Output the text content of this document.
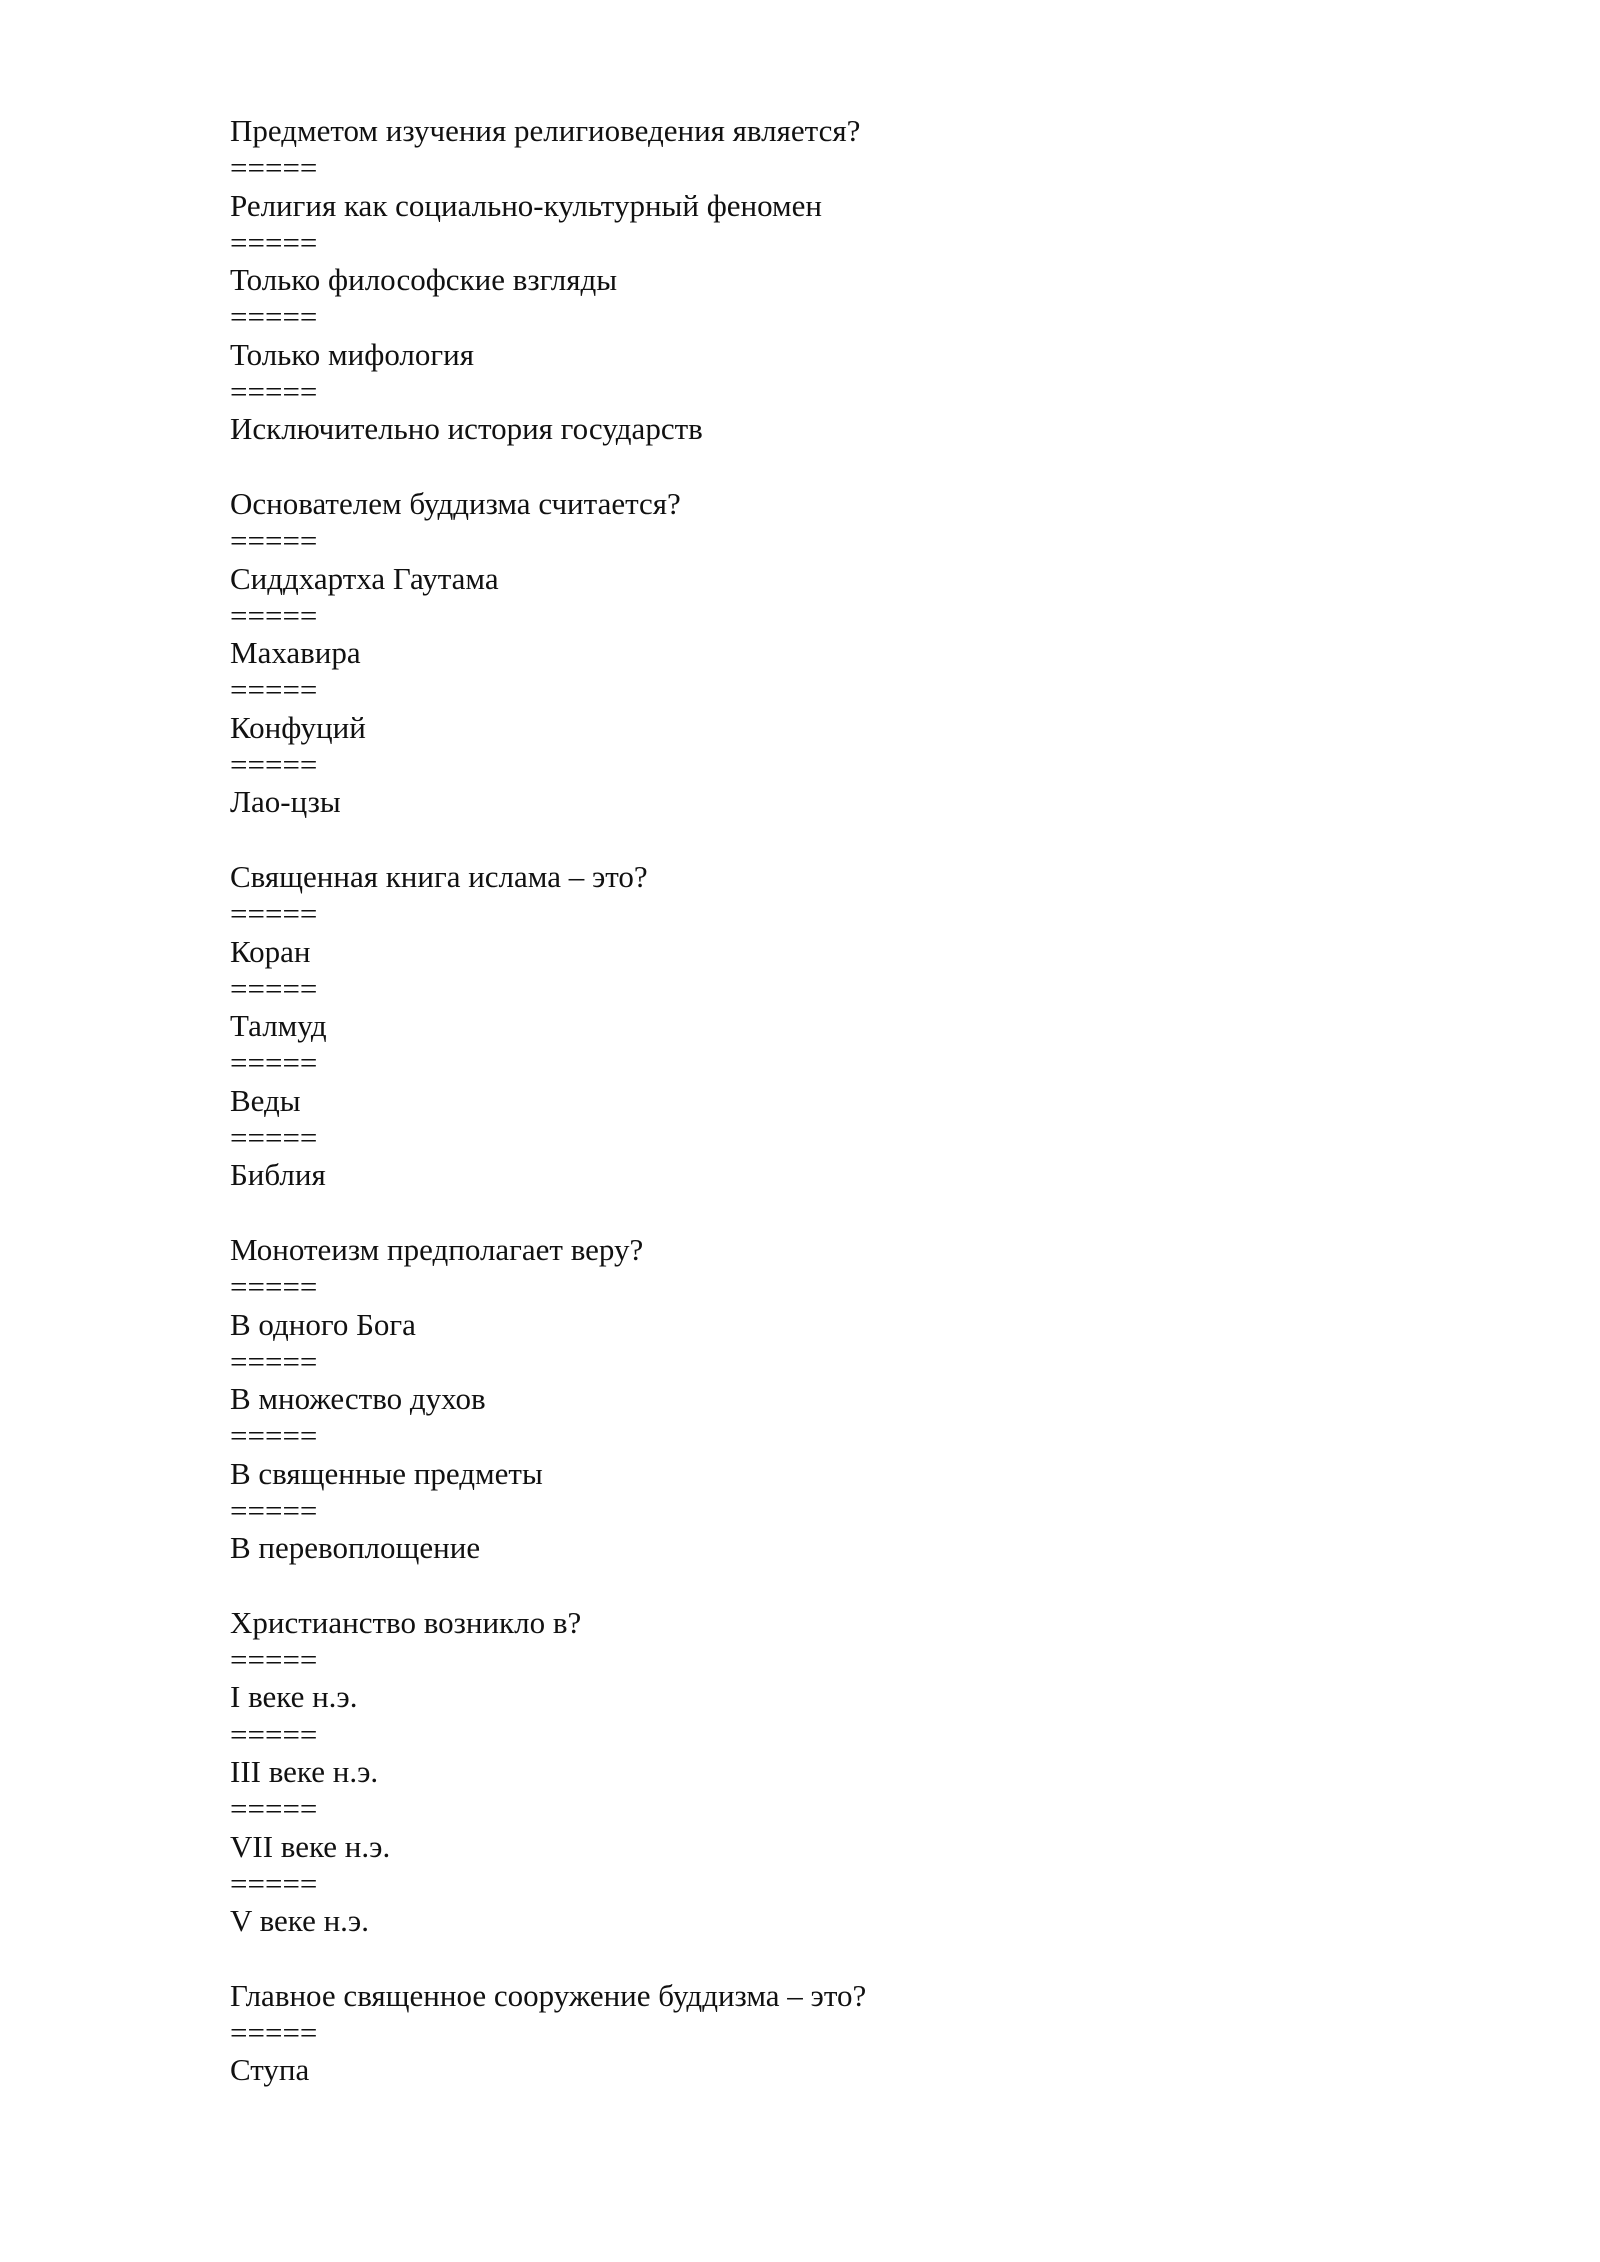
Предметом изучения религиоведения является?
=====
Религия как социально-культурный феномен
=====
Только философские взгляды
=====
Только мифология
=====
Исключительно история государств
Основателем буддизма считается?
=====
Сиддхартха Гаутама
=====
Махавира
=====
Конфуций
=====
Лао-цзы
Священная книга ислама – это?
=====
Коран
=====
Талмуд
=====
Веды
=====
Библия
Монотеизм предполагает веру?
=====
В одного Бога
=====
В множество духов
=====
В священные предметы
=====
В перевоплощение
Христианство возникло в?
=====
I веке н.э.
=====
III веке н.э.
=====
VII веке н.э.
=====
V веке н.э.
Главное священное сооружение буддизма – это?
=====
Ступа
